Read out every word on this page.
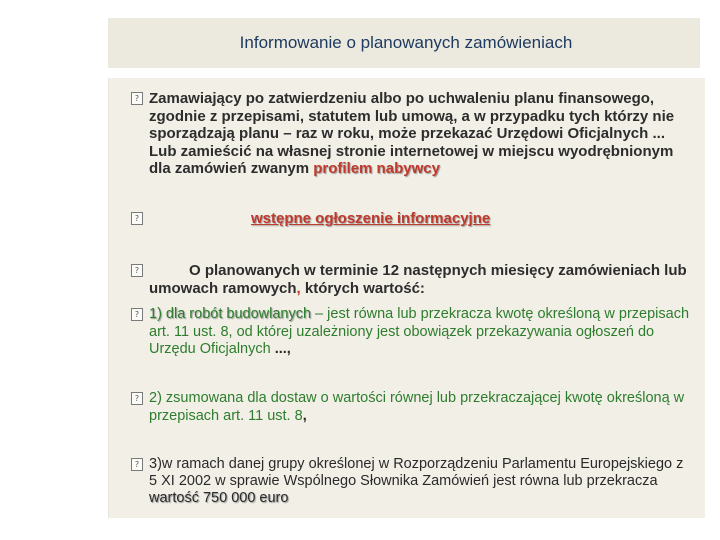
Informowanie o planowanych zamówieniach
? Zamawiający po zatwierdzeniu albo po uchwaleniu planu finansowego, zgodnie z przepisami, statutem lub umową, a w przypadku tych którzy nie sporządzają planu – raz w roku, może przekazać Urzędowi Oficjalnych ... Lub zamieścić na własnej stronie internetowej w miejscu wyodrębnionym dla zamówień zwanym profilem nabywcy
?	wstępne ogłoszenie informacyjne
?	O planowanych w terminie 12 następnych miesięcy zamówieniach lub umowach ramowych, których wartość:
? 1) dla robót budowlanych – jest równa lub przekracza kwotę określoną w przepisach art. 11 ust. 8, od której uzależniony jest obowiązek przekazywania ogłoszeń do Urzędu Oficjalnych ...,
? 2) zsumowana dla dostaw o wartości równej lub przekraczającej kwotę określoną w przepisach art. 11 ust. 8,
? 3)w ramach danej grupy określonej w Rozporządzeniu Parlamentu Europejskiego z 5 XI 2002 w sprawie Wspólnego Słownika Zamówień jest równa lub przekracza wartość 750 000 euro
